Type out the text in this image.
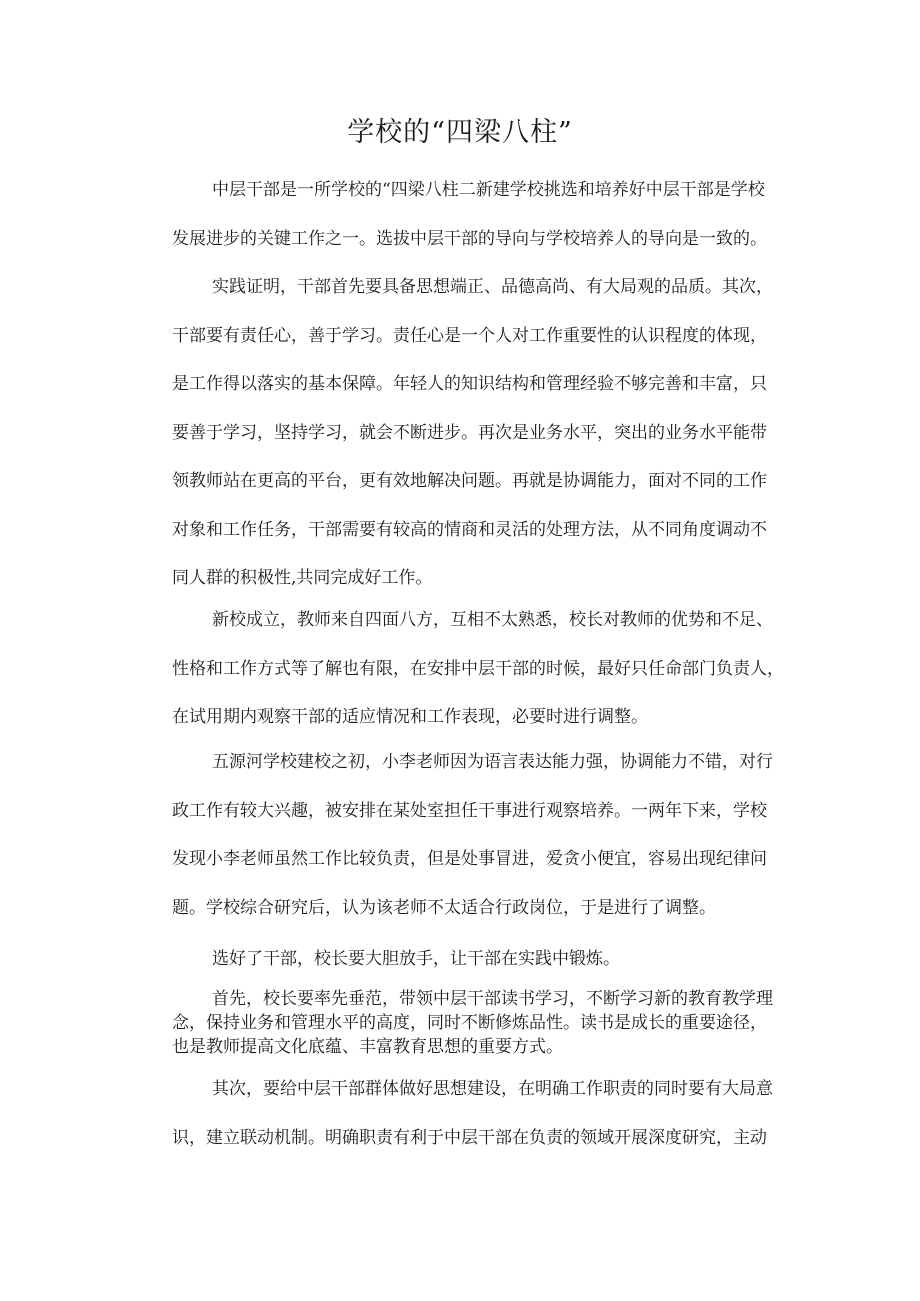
学校的“四梁八柱”
中层干部是一所学校的“四梁八柱二新建学校挑选和培养好中层干部是学校
发展进步的关键工作之一。选拔中层干部的导向与学校培养人的导向是一致的。
实践证明，干部首先要具备思想端正、品德高尚、有大局观的品质。其次，
干部要有责任心，善于学习。责任心是一个人对工作重要性的认识程度的体现，
是工作得以落实的基本保障。年轻人的知识结构和管理经验不够完善和丰富，只
要善于学习，坚持学习，就会不断进步。再次是业务水平，突出的业务水平能带
领教师站在更高的平台，更有效地解决问题。再就是协调能力，面对不同的工作
对象和工作任务，干部需要有较高的情商和灵活的处理方法，从不同角度调动不
同人群的积极性,共同完成好工作。
新校成立，教师来自四面八方，互相不太熟悉，校长对教师的优势和不足、
性格和工作方式等了解也有限，在安排中层干部的时候，最好只任命部门负责人，
在试用期内观察干部的适应情况和工作表现，必要时进行调整。
五源河学校建校之初，小李老师因为语言表达能力强，协调能力不错，对行
政工作有较大兴趣，被安排在某处室担任干事进行观察培养。一两年下来，学校
发现小李老师虽然工作比较负责，但是处事冒进，爱贪小便宜，容易出现纪律问
题。学校综合研究后，认为该老师不太适合行政岗位，于是进行了调整。
选好了干部，校长要大胆放手，让干部在实践中锻炼。
首先，校长要率先垂范，带领中层干部读书学习，不断学习新的教育教学理
念，保持业务和管理水平的高度，同时不断修炼品性。读书是成长的重要途径，
也是教师提高文化底蕴、丰富教育思想的重要方式。
其次，要给中层干部群体做好思想建设，在明确工作职责的同时要有大局意
识，建立联动机制。明确职责有利于中层干部在负责的领域开展深度研究，主动
